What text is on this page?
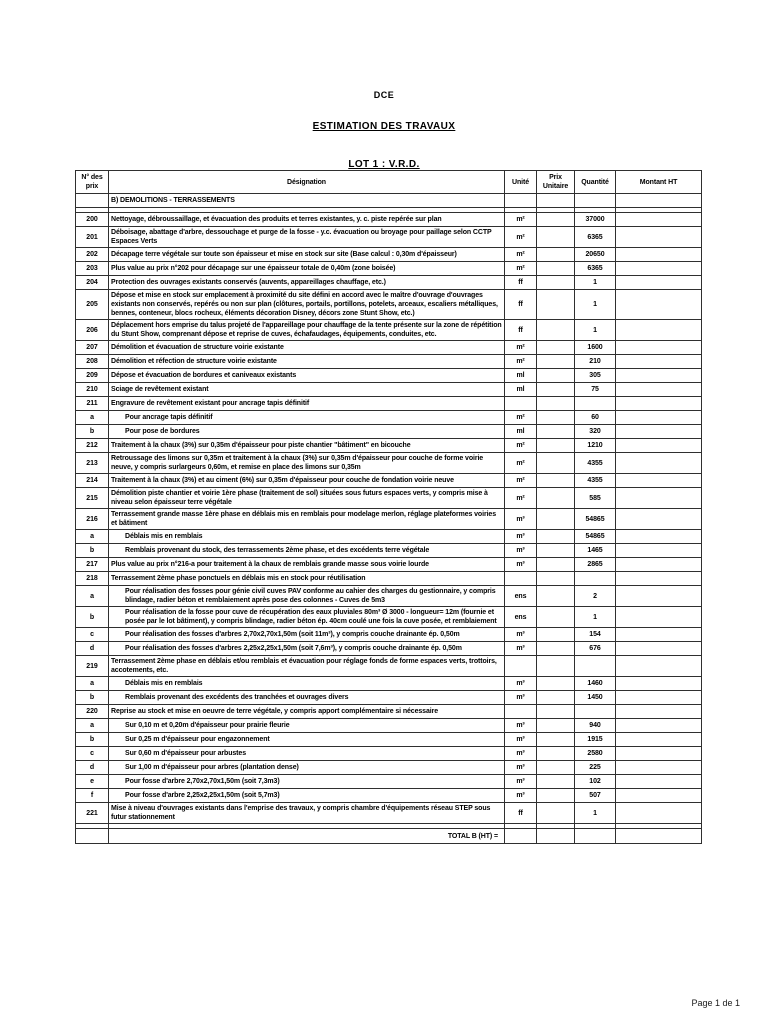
DCE
ESTIMATION DES TRAVAUX
LOT 1 : V.R.D.
N° des prix	Désignation	Unité	Prix Unitaire	Quantité	Montant HT
	B) DEMOLITIONS - TERRASSEMENTS				

200	Nettoyage, débroussaillage, et évacuation des produits et terres existantes, y. c. piste repérée sur plan	m²		37000	
201	Déboisage, abattage d'arbre, dessouchage et purge de la fosse - y.c. évacuation ou broyage pour paillage selon CCTP Espaces Verts	m²		6365	
202	Décapage terre végétale sur toute son épaisseur et mise en stock sur site (Base calcul : 0,30m d'épaisseur)	m²		20650	
203	Plus value au prix n°202 pour décapage sur une épaisseur totale de 0,40m (zone boisée)	m²		6365	
204	Protection des ouvrages existants conservés (auvents, appareillages chauffage, etc.)	ff		1	
205	Dépose et mise en stock sur emplacement à proximité du site défini en accord avec le maître d'ouvrage d'ouvrages existants non conservés, repérés ou non sur plan (clôtures, portails, portillons, potelets, arceaux, escaliers métalliques, bennes, conteneur, blocs rocheux, éléments décoration Disney, décors zone Stunt Show, etc.)	ff		1	
206	Déplacement hors emprise du talus projeté de l'appareillage pour chauffage de la tente présente sur la zone de répétition du Stunt Show, comprenant dépose et reprise de cuves, échafaudages, équipements, conduites, etc.	ff		1	
207	Démolition et évacuation de structure voirie existante	m²		1600	
208	Démolition et réfection de structure voirie existante	m²		210	
209	Dépose et évacuation de bordures et caniveaux existants	ml		305	
210	Sciage de revêtement existant	ml		75	
211	Engravure de revêtement existant pour ancrage tapis définitif				
a	Pour ancrage tapis définitif	m²		60	
b	Pour pose de bordures	ml		320	
212	Traitement à la chaux (3%) sur 0,35m d'épaisseur pour piste chantier "bâtiment" en bicouche	m²		1210	
213	Retroussage des limons sur 0,35m et traitement à la chaux (3%) sur 0,35m d'épaisseur pour couche de forme voirie neuve, y compris surlargeurs 0,60m, et remise en place des limons sur 0,35m	m²		4355	
214	Traitement à la chaux (3%) et au ciment (6%) sur 0,35m d'épaisseur pour couche de fondation voirie neuve	m²		4355	
215	Démolition piste chantier et voirie 1ère phase (traitement de sol) situées sous futurs espaces verts, y compris mise à niveau selon épaisseur terre végétale	m²		585	
216	Terrassement grande masse 1ère phase en déblais mis en remblais pour modelage merlon, réglage plateformes voiries et bâtiment	m³		54865	
a	Déblais mis en remblais	m³		54865	
b	Remblais provenant du stock, des terrassements 2ème phase, et des excédents terre végétale	m³		1465	
217	Plus value au prix n°216-a pour traitement à la chaux de remblais grande masse sous voirie lourde	m³		2865	
218	Terrassement 2ème phase ponctuels en déblais mis en stock pour réutilisation				
a	Pour réalisation des fosses pour génie civil cuves PAV conforme au cahier des charges du gestionnaire, y compris blindage, radier béton et remblaiement après pose des colonnes - Cuves de 5m3	ens		2	
b	Pour réalisation de la fosse pour cuve de récupération des eaux pluviales 80m³ Ø 3000 - longueur= 12m (fournie et posée par le lot bâtiment), y compris blindage, radier béton ép. 40cm coulé une fois la cuve posée, et remblaiement	ens		1	
c	Pour réalisation des fosses d'arbres 2,70x2,70x1,50m (soit 11m³), y compris couche drainante ép. 0,50m	m³		154	
d	Pour réalisation des fosses d'arbres 2,25x2,25x1,50m (soit 7,6m³), y compris couche drainante ép. 0,50m	m³		676	
219	Terrassement 2ème phase en déblais et/ou remblais et évacuation pour réglage fonds de forme espaces verts, trottoirs, accotements, etc.				
a	Déblais mis en remblais	m³		1460	
b	Remblais provenant des excédents des tranchées et ouvrages divers	m³		1450	
220	Reprise au stock et mise en oeuvre de terre végétale, y compris apport complémentaire si nécessaire				
a	Sur 0,10 m et 0,20m d'épaisseur pour prairie fleurie	m³		940	
b	Sur 0,25 m d'épaisseur pour engazonnement	m³		1915	
c	Sur 0,60 m d'épaisseur pour arbustes	m³		2580	
d	Sur 1,00 m d'épaisseur pour arbres (plantation dense)	m³		225	
e	Pour fosse d'arbre 2,70x2,70x1,50m (soit 7,3m3)	m³		102	
f	Pour fosse d'arbre 2,25x2,25x1,50m (soit 5,7m3)	m³		507	
221	Mise à niveau d'ouvrages existants dans l'emprise des travaux, y compris chambre d'équipements réseau STEP sous futur stationnement	ff		1	

	TOTAL B (HT) =				
Page 1 de 1
